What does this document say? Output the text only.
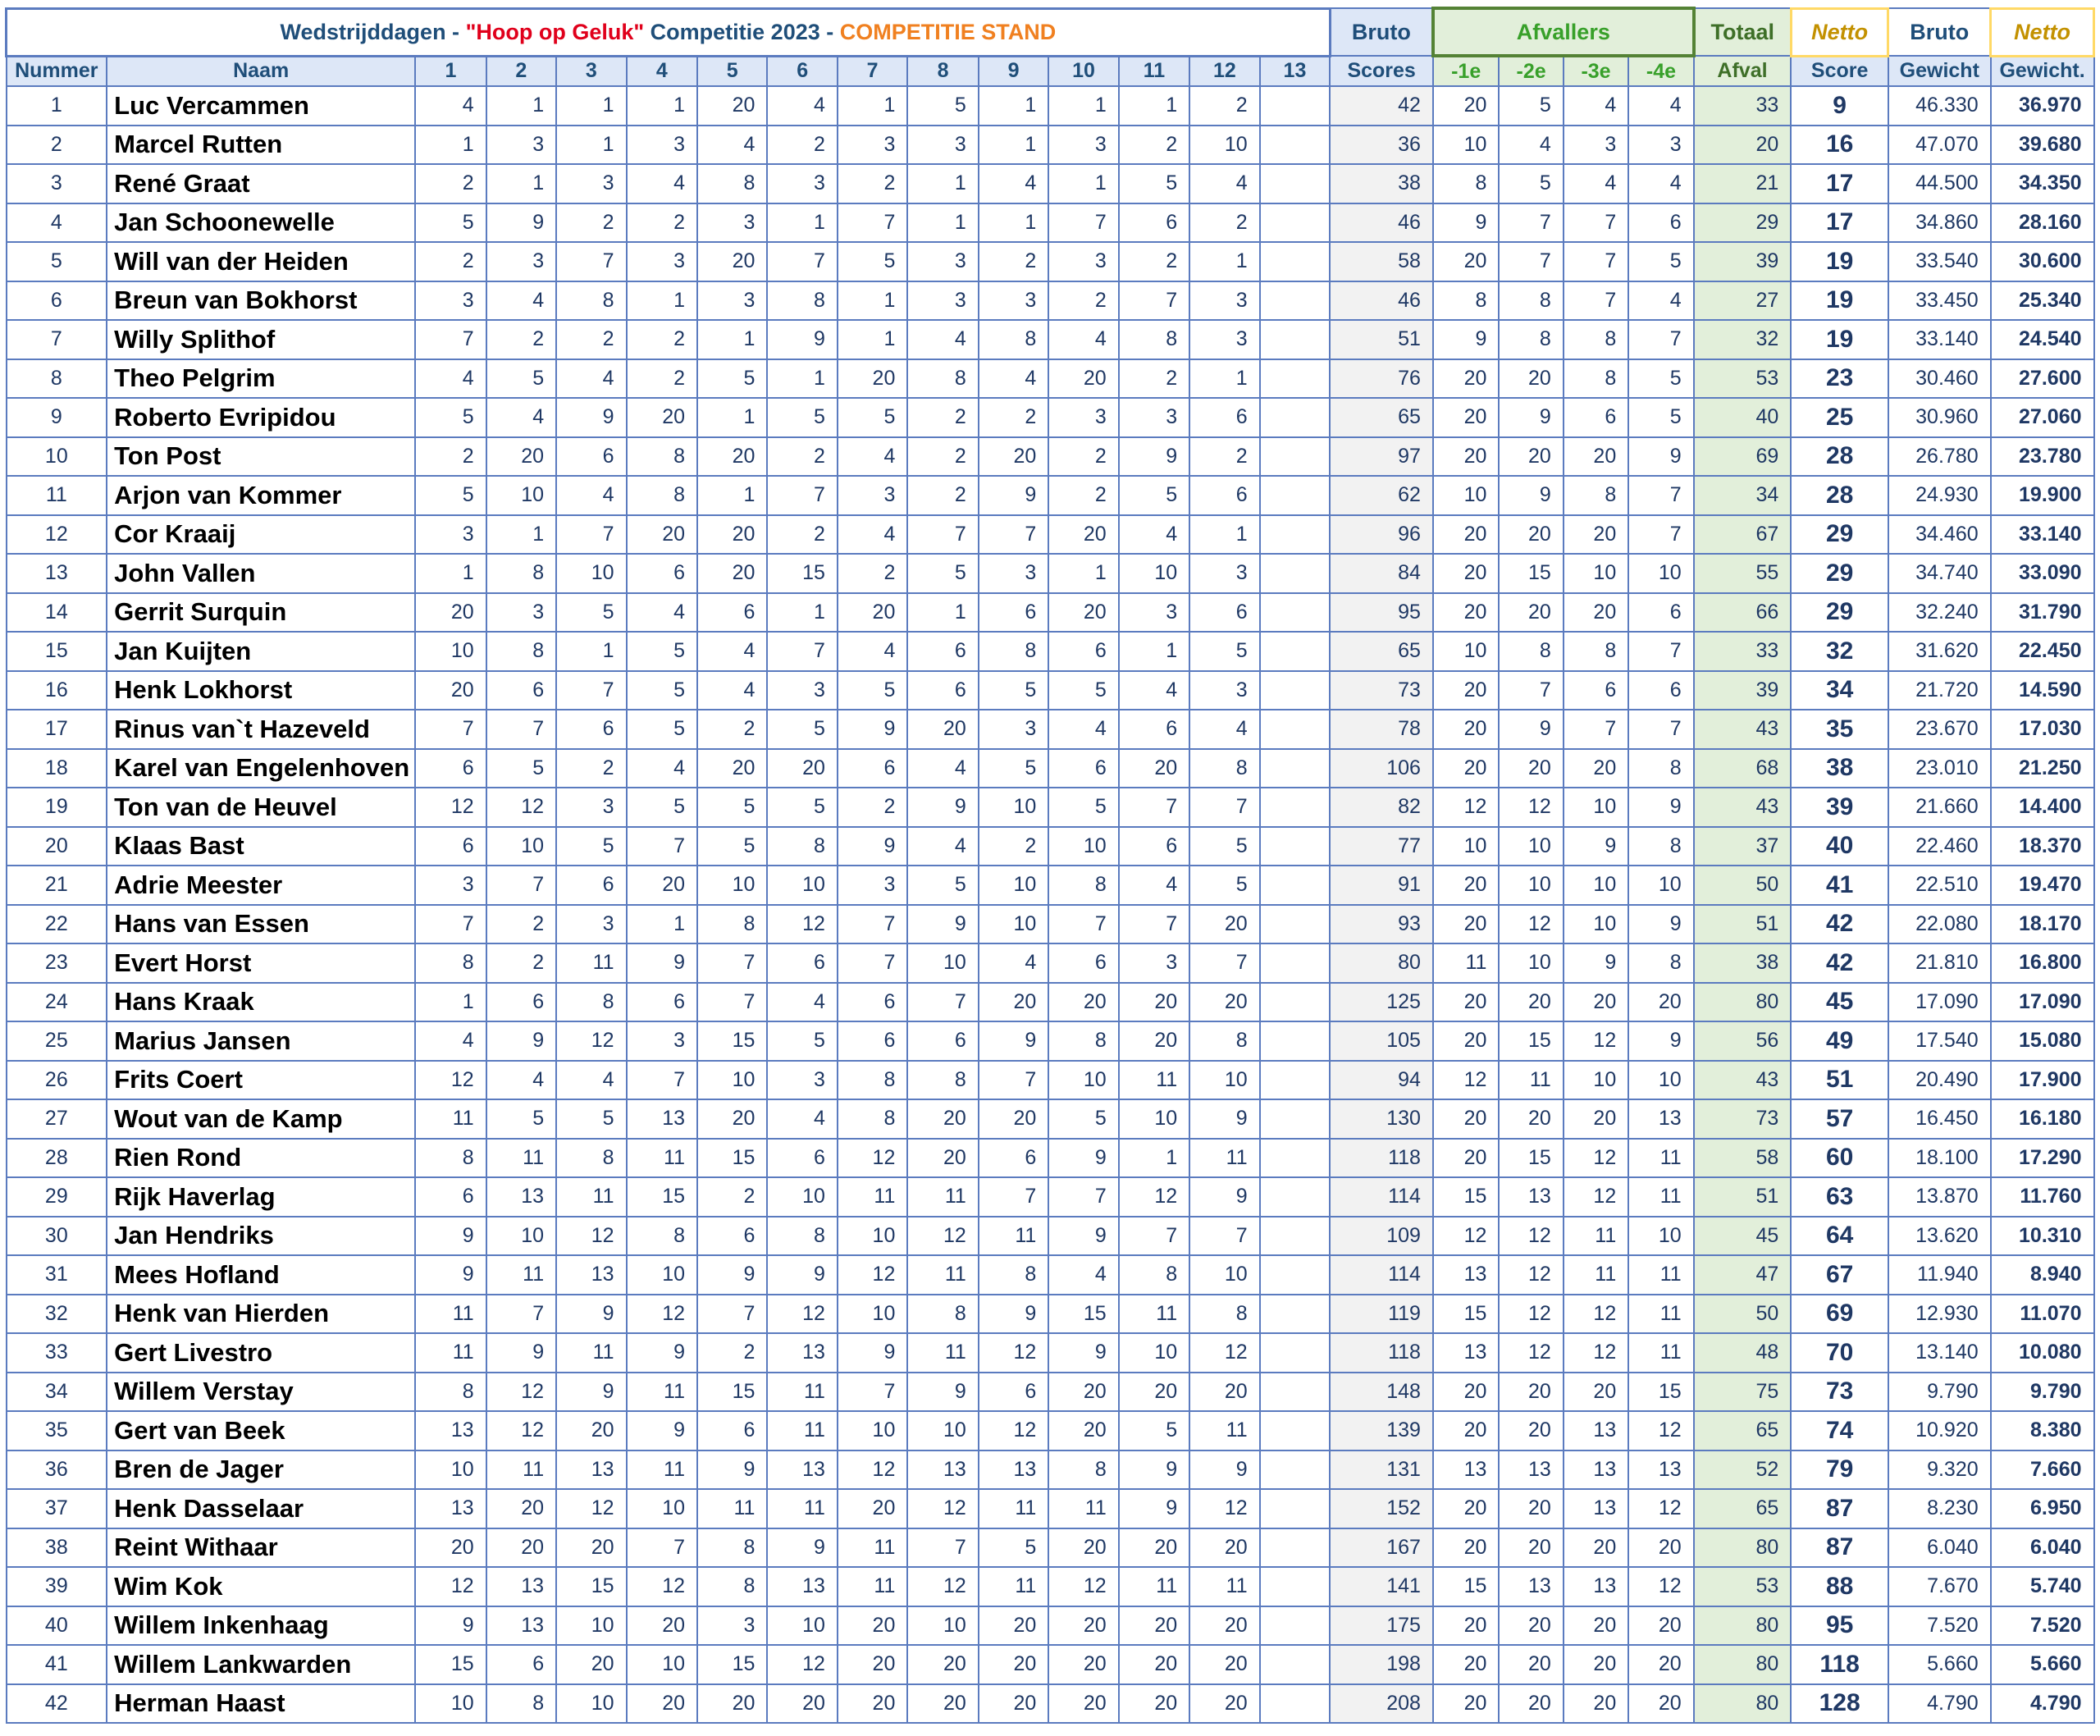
Wedstrijddagen - "Hoop op Geluk" Competitie 2023 - COMPETITIE STAND															Bruto	Afvallers				Totaal	Netto	Bruto	Netto
Nummer	Naam	1	2	3	4	5	6	7	8	9	10	11	12	13	Scores	-1e	-2e	-3e	-4e	Afval	Score	Gewicht	Gewicht.
1	Luc Vercammen	4	1	1	1	20	4	1	5	1	1	1	2		42	20	5	4	4	33	9	46.330	36.970
2	Marcel Rutten	1	3	1	3	4	2	3	3	1	3	2	10		36	10	4	3	3	20	16	47.070	39.680
3	René Graat	2	1	3	4	8	3	2	1	4	1	5	4		38	8	5	4	4	21	17	44.500	34.350
4	Jan Schoonewelle	5	9	2	2	3	1	7	1	1	7	6	2		46	9	7	7	6	29	17	34.860	28.160
5	Will van der Heiden	2	3	7	3	20	7	5	3	2	3	2	1		58	20	7	7	5	39	19	33.540	30.600
6	Breun van Bokhorst	3	4	8	1	3	8	1	3	3	2	7	3		46	8	8	7	4	27	19	33.450	25.340
7	Willy Splithof	7	2	2	2	1	9	1	4	8	4	8	3		51	9	8	8	7	32	19	33.140	24.540
8	Theo Pelgrim	4	5	4	2	5	1	20	8	4	20	2	1		76	20	20	8	5	53	23	30.460	27.600
9	Roberto Evripidou	5	4	9	20	1	5	5	2	2	3	3	6		65	20	9	6	5	40	25	30.960	27.060
10	Ton Post	2	20	6	8	20	2	4	2	20	2	9	2		97	20	20	20	9	69	28	26.780	23.780
11	Arjon van Kommer	5	10	4	8	1	7	3	2	9	2	5	6		62	10	9	8	7	34	28	24.930	19.900
12	Cor Kraaij	3	1	7	20	20	2	4	7	7	20	4	1		96	20	20	20	7	67	29	34.460	33.140
13	John Vallen	1	8	10	6	20	15	2	5	3	1	10	3		84	20	15	10	10	55	29	34.740	33.090
14	Gerrit Surquin	20	3	5	4	6	1	20	1	6	20	3	6		95	20	20	20	6	66	29	32.240	31.790
15	Jan Kuijten	10	8	1	5	4	7	4	6	8	6	1	5		65	10	8	8	7	33	32	31.620	22.450
16	Henk Lokhorst	20	6	7	5	4	3	5	6	5	5	4	3		73	20	7	6	6	39	34	21.720	14.590
17	Rinus van`t Hazeveld	7	7	6	5	2	5	9	20	3	4	6	4		78	20	9	7	7	43	35	23.670	17.030
18	Karel van Engelenhoven	6	5	2	4	20	20	6	4	5	6	20	8		106	20	20	20	8	68	38	23.010	21.250
19	Ton van de Heuvel	12	12	3	5	5	5	2	9	10	5	7	7		82	12	12	10	9	43	39	21.660	14.400
20	Klaas Bast	6	10	5	7	5	8	9	4	2	10	6	5		77	10	10	9	8	37	40	22.460	18.370
21	Adrie Meester	3	7	6	20	10	10	3	5	10	8	4	5		91	20	10	10	10	50	41	22.510	19.470
22	Hans van Essen	7	2	3	1	8	12	7	9	10	7	7	20		93	20	12	10	9	51	42	22.080	18.170
23	Evert Horst	8	2	11	9	7	6	7	10	4	6	3	7		80	11	10	9	8	38	42	21.810	16.800
24	Hans Kraak	1	6	8	6	7	4	6	7	20	20	20	20		125	20	20	20	20	80	45	17.090	17.090
25	Marius Jansen	4	9	12	3	15	5	6	6	9	8	20	8		105	20	15	12	9	56	49	17.540	15.080
26	Frits Coert	12	4	4	7	10	3	8	8	7	10	11	10		94	12	11	10	10	43	51	20.490	17.900
27	Wout van de Kamp	11	5	5	13	20	4	8	20	20	5	10	9		130	20	20	20	13	73	57	16.450	16.180
28	Rien Rond	8	11	8	11	15	6	12	20	6	9	1	11		118	20	15	12	11	58	60	18.100	17.290
29	Rijk Haverlag	6	13	11	15	2	10	11	11	7	7	12	9		114	15	13	12	11	51	63	13.870	11.760
30	Jan Hendriks	9	10	12	8	6	8	10	12	11	9	7	7		109	12	12	11	10	45	64	13.620	10.310
31	Mees Hofland	9	11	13	10	9	9	12	11	8	4	8	10		114	13	12	11	11	47	67	11.940	8.940
32	Henk van Hierden	11	7	9	12	7	12	10	8	9	15	11	8		119	15	12	12	11	50	69	12.930	11.070
33	Gert Livestro	11	9	11	9	2	13	9	11	12	9	10	12		118	13	12	12	11	48	70	13.140	10.080
34	Willem Verstay	8	12	9	11	15	11	7	9	6	20	20	20		148	20	20	20	15	75	73	9.790	9.790
35	Gert van Beek	13	12	20	9	6	11	10	10	12	20	5	11		139	20	20	13	12	65	74	10.920	8.380
36	Bren de Jager	10	11	13	11	9	13	12	13	13	8	9	9		131	13	13	13	13	52	79	9.320	7.660
37	Henk Dasselaar	13	20	12	10	11	11	20	12	11	11	9	12		152	20	20	13	12	65	87	8.230	6.950
38	Reint Withaar	20	20	20	7	8	9	11	7	5	20	20	20		167	20	20	20	20	80	87	6.040	6.040
39	Wim Kok	12	13	15	12	8	13	11	12	11	12	11	11		141	15	13	13	12	53	88	7.670	5.740
40	Willem Inkenhaag	9	13	10	20	3	10	20	10	20	20	20	20		175	20	20	20	20	80	95	7.520	7.520
41	Willem Lankwarden	15	6	20	10	15	12	20	20	20	20	20	20		198	20	20	20	20	80	118	5.660	5.660
42	Herman Haast	10	8	10	20	20	20	20	20	20	20	20	20		208	20	20	20	20	80	128	4.790	4.790
